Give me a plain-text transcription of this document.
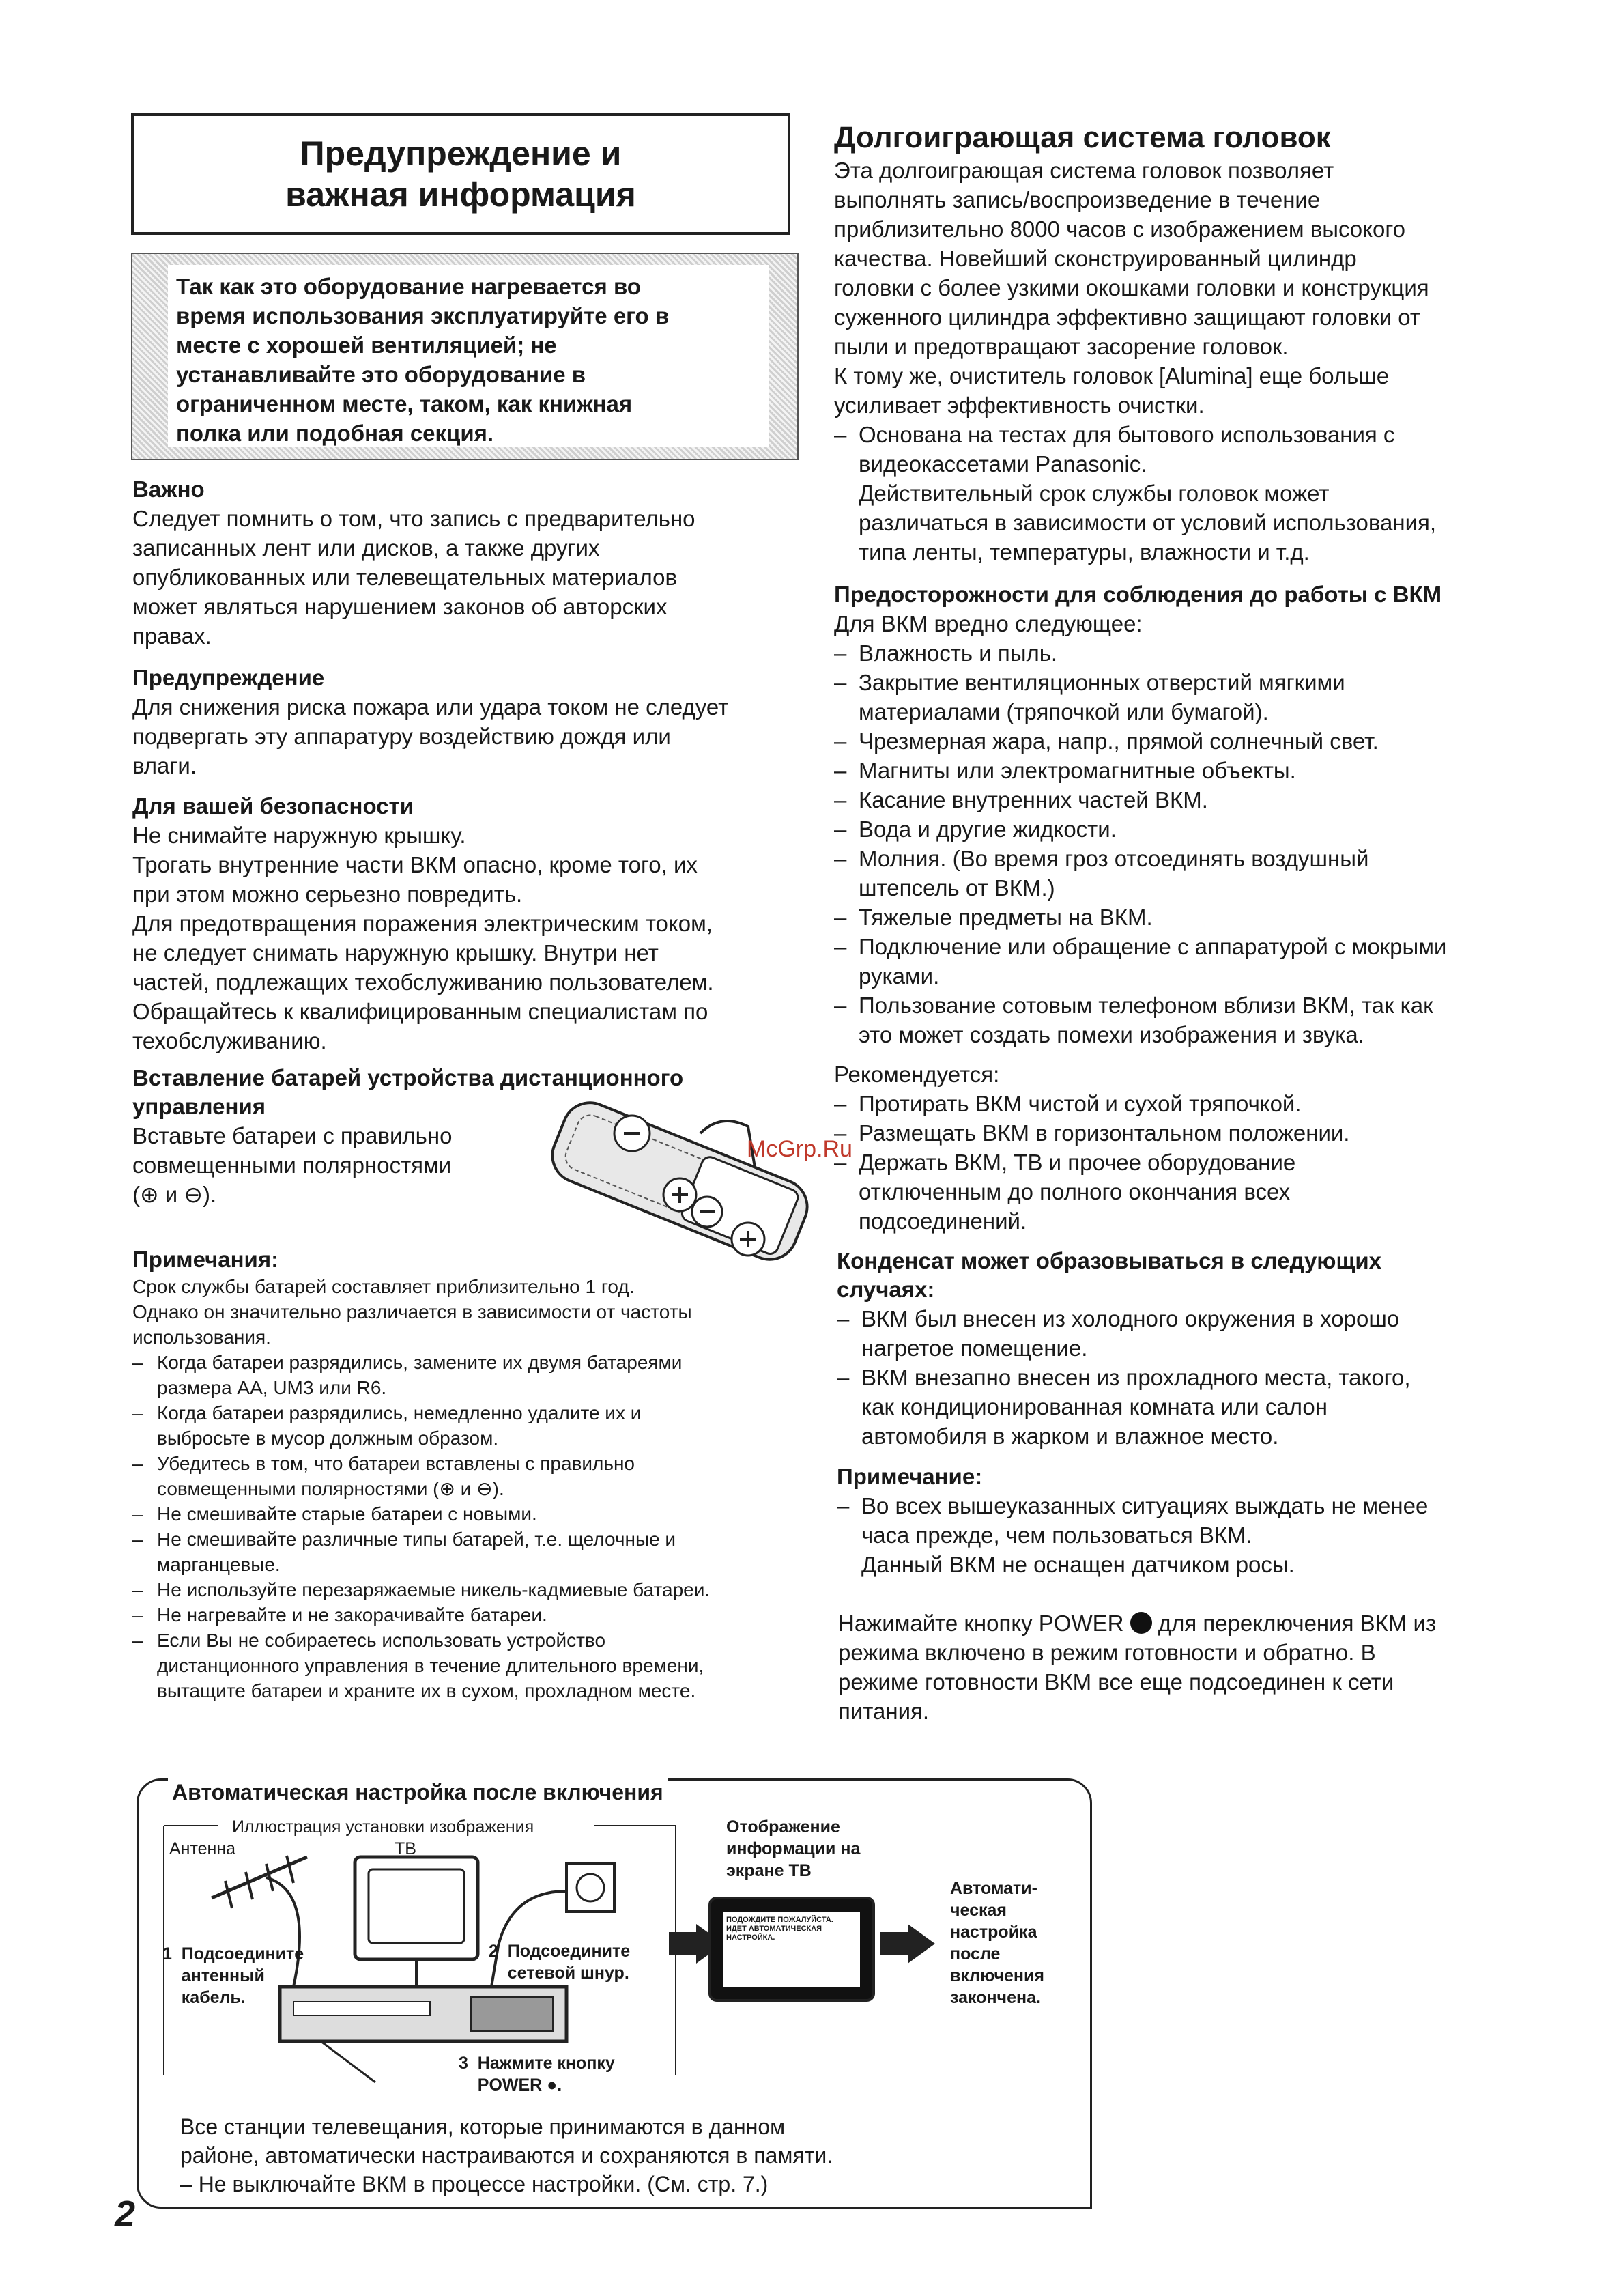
Предупреждение и
важная информация
Так как это оборудование нагревается во
время использования эксплуатируйте его в
месте с хорошей вентиляцией; не
устанавливайте это оборудование в
ограниченном месте, таком, как книжная
полка или подобная секция.
Важно
Следует помнить о том, что запись с предварительно
записанных лент или дисков, а также других
опубликованных или телевещательных материалов
может являться нарушением законов об авторских
правах.
Предупреждение
Для снижения риска пожара или удара током не следует
подвергать эту аппаратуру воздействию дождя или
влаги.
Для вашей безопасности
Не снимайте наружную крышку.
Трогать внутренние части ВКМ опасно, кроме того, их
при этом можно серьезно повредить.
Для предотвращения поражения электрическим током,
не следует снимать наружную крышку. Внутри нет
частей, подлежащих техобслуживанию пользователем.
Обращайтесь к квалифицированным специалистам по
техобслуживанию.
Вставление батарей устройства дистанционного
управления
Вставьте батареи с правильно
совмещенными полярностями
(⊕ и ⊖).
Примечания:
Срок службы батарей составляет приблизительно 1 год.
Однако он значительно различается в зависимости от частоты
использования.
– Когда батареи разрядились, замените их двумя батареями
размера AA, UM3 или R6.
– Когда батареи разрядились, немедленно удалите их и
выбросьте в мусор должным образом.
– Убедитесь в том, что батареи вставлены с правильно
совмещенными полярностями (⊕ и ⊖).
– Не смешивайте старые батареи с новыми.
– Не смешивайте различные типы батарей, т.е. щелочные и
марганцевые.
– Не используйте перезаряжаемые никель-кадмиевые батареи.
– Не нагревайте и не закорачивайте батареи.
– Если Вы не собираетесь использовать устройство
дистанционного управления в течение длительного времени,
вытащите батареи и храните их в сухом, прохладном месте.
Долгоиграющая система головок
Эта долгоиграющая система головок позволяет
выполнять запись/воспроизведение в течение
приблизительно 8000 часов с изображением высокого
качества. Новейший сконструированный цилиндр
головки с более узкими окошками головки и конструкция
суженного цилиндра эффективно защищают головки от
пыли и предотвращают засорение головок.
К тому же, очиститель головок [Alumina] еще больше
усиливает эффективность очистки.
– Основана на тестах для бытового использования с
видеокассетами Panasonic.
Действительный срок службы головок может
различаться в зависимости от условий использования,
типа ленты, температуры, влажности и т.д.
Предосторожности для соблюдения до работы с ВКМ
Для ВКМ вредно следующее:
– Влажность и пыль.
– Закрытие вентиляционных отверстий мягкими
материалами (тряпочкой или бумагой).
– Чрезмерная жара, напр., прямой солнечный свет.
– Магниты или электромагнитные объекты.
– Касание внутренних частей ВКМ.
– Вода и другие жидкости.
– Молния. (Во время гроз отсоединять воздушный
штепсель от ВКМ.)
– Тяжелые предметы на ВКМ.
– Подключение или обращение с аппаратурой с мокрыми
руками.
– Пользование сотовым телефоном вблизи ВКМ, так как
это может создать помехи изображения и звука.
Рекомендуется:
– Протирать ВКМ чистой и сухой тряпочкой.
– Размещать ВКМ в горизонтальном положении.
– Держать ВКМ, ТВ и прочее оборудование
отключенным до полного окончания всех
подсоединений.
Конденсат может образовываться в следующих
случаях:
– ВКМ был внесен из холодного окружения в хорошо
нагретое помещение.
– ВКМ внезапно внесен из прохладного места, такого,
как кондиционированная комната или салон
автомобиля в жарком и влажное место.
Примечание:
– Во всех вышеуказанных ситуациях выждать не менее
часа прежде, чем пользоваться ВКМ.
Данный ВКМ не оснащен датчиком росы.
Нажимайте кнопку POWER  для переключения ВКМ из
режима включено в режим готовности и обратно. В
режиме готовности ВКМ все еще подсоединен к сети
питания.
Автоматическая настройка после включения
Иллюстрация установки изображения
Антенна	ТВ
1  Подсоедините
антенный
кабель.
2  Подсоедините
сетевой шнур.
3  Нажмите кнопку
POWER ●.
Отображение
информации на
экране ТВ
ПОДОЖДИТЕ ПОЖАЛУЙСТА.
ИДЕТ АВТОМАТИЧЕСКАЯ
НАСТРОЙКА.
Автомати-
ческая
настройка
после
включения
закончена.
Все станции телевещания, которые принимаются в данном
районе, автоматически настраиваются и сохраняются в памяти.
– Не выключайте ВКМ в процессе настройки. (См. стр. 7.)
2
McGrp.Ru
